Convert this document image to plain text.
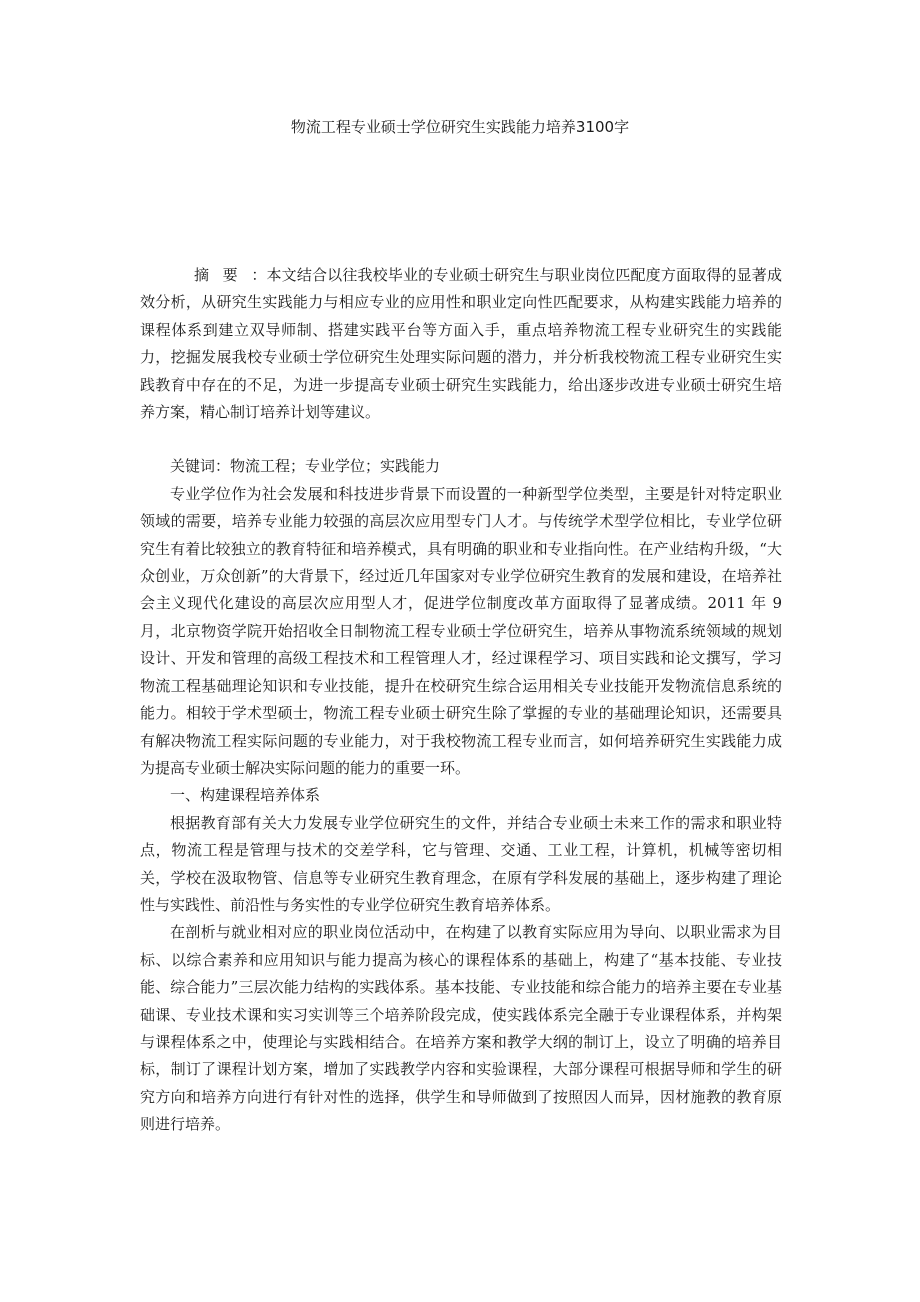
物流工程专业硕士学位研究生实践能力培养3100字

摘要：本文结合以往我校毕业的专业硕士研究生与职业岗位匹配度方面取得的显著成效分析，从研究生实践能力与相应专业的应用性和职业定向性匹配要求，从构建实践能力培养的课程体系到建立双导师制、搭建实践平台等方面入手，重点培养物流工程专业研究生的实践能力，挖掘发展我校专业硕士学位研究生处理实际问题的潜力，并分析我校物流工程专业研究生实践教育中存在的不足，为进一步提高专业硕士研究生实践能力，给出逐步改进专业硕士研究生培养方案，精心制订培养计划等建议。

关键词：物流工程；专业学位；实践能力

专业学位作为社会发展和科技进步背景下而设置的一种新型学位类型，主要是针对特定职业领域的需要，培养专业能力较强的高层次应用型专门人才。与传统学术型学位相比，专业学位研究生有着比较独立的教育特征和培养模式，具有明确的职业和专业指向性。在产业结构升级，“大众创业，万众创新”的大背景下，经过近几年国家对专业学位研究生教育的发展和建设，在培养社会主义现代化建设的高层次应用型人才，促进学位制度改革方面取得了显著成绩。2011 年 9 月，北京物资学院开始招收全日制物流工程专业硕士学位研究生，培养从事物流系统领域的规划设计、开发和管理的高级工程技术和工程管理人才，经过课程学习、项目实践和论文撰写，学习物流工程基础理论知识和专业技能，提升在校研究生综合运用相关专业技能开发物流信息系统的能力。相较于学术型硕士，物流工程专业硕士研究生除了掌握的专业的基础理论知识，还需要具有解决物流工程实际问题的专业能力，对于我校物流工程专业而言，如何培养研究生实践能力成为提高专业硕士解决实际问题的能力的重要一环。

一、构建课程培养体系

根据教育部有关大力发展专业学位研究生的文件，并结合专业硕士未来工作的需求和职业特点，物流工程是管理与技术的交差学科，它与管理、交通、工业工程，计算机，机械等密切相关，学校在汲取物管、信息等专业研究生教育理念，在原有学科发展的基础上，逐步构建了理论性与实践性、前沿性与务实性的专业学位研究生教育培养体系。

在剖析与就业相对应的职业岗位活动中，在构建了以教育实际应用为导向、以职业需求为目标、以综合素养和应用知识与能力提高为核心的课程体系的基础上，构建了“基本技能、专业技能、综合能力”三层次能力结构的实践体系。基本技能、专业技能和综合能力的培养主要在专业基础课、专业技术课和实习实训等三个培养阶段完成，使实践体系完全融于专业课程体系，并构架与课程体系之中，使理论与实践相结合。在培养方案和教学大纲的制订上，设立了明确的培养目标，制订了课程计划方案，增加了实践教学内容和实验课程，大部分课程可根据导师和学生的研究方向和培养方向进行有针对性的选择，供学生和导师做到了按照因人而异，因材施教的教育原则进行培养。
